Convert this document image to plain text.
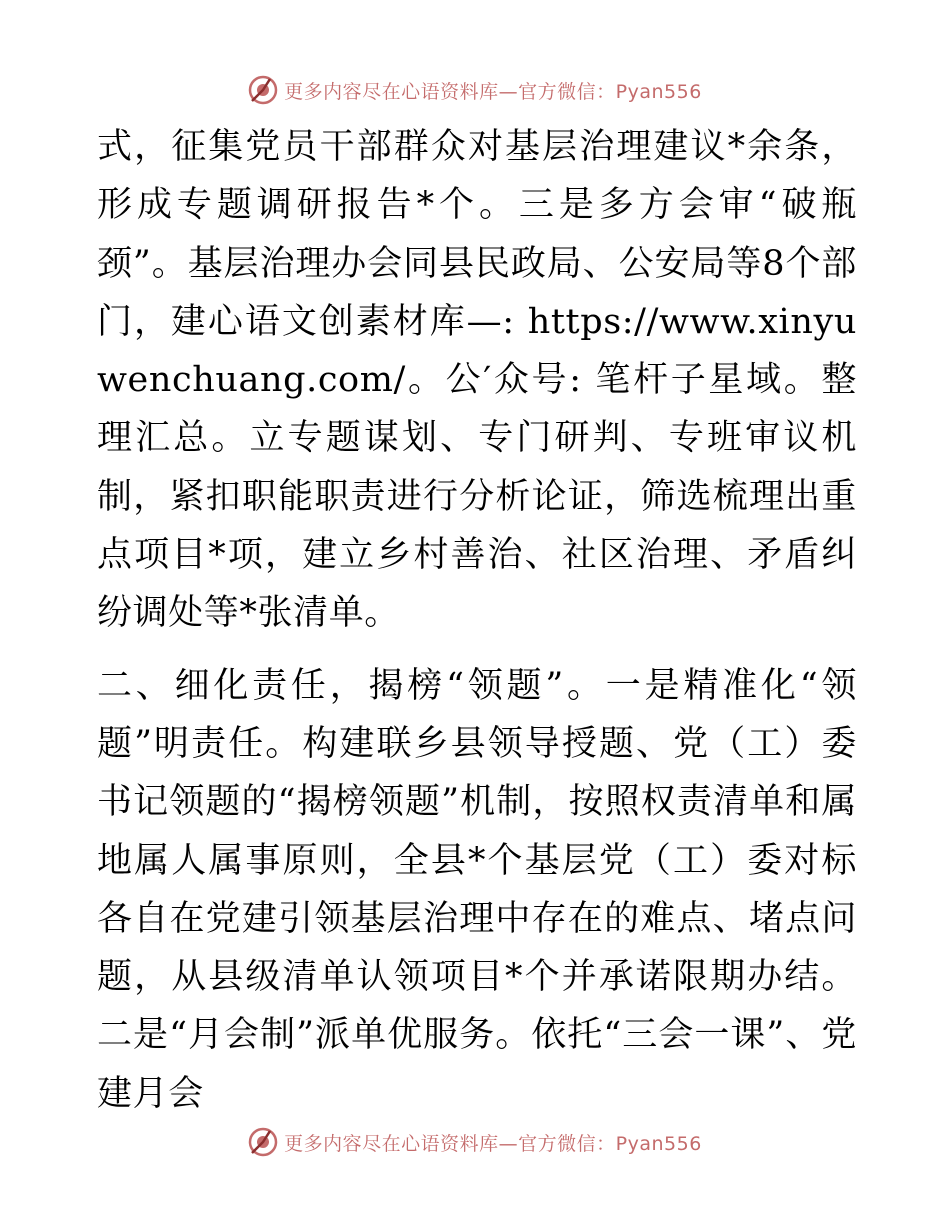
更多内容尽在心语资料库—官方微信：Pyan556

式，征集党员干部群众对基层治理建议*余条，形成专题调研报告*个。三是多方会审“破瓶颈”。基层治理办会同县民政局、公安局等8个部门，建心语文创素材库—: https://www.xinyuwenchuang.com/。公′众号: 笔杆子星域。整理汇总。立专题谋划、专门研判、专班审议机制，紧扣职能职责进行分析论证，筛选梳理出重点项目*项，建立乡村善治、社区治理、矛盾纠纷调处等*张清单。

二、细化责任，揭榜“领题”。一是精准化“领题”明责任。构建联乡县领导授题、党（工）委书记领题的“揭榜领题”机制，按照权责清单和属地属人属事原则，全县*个基层党（工）委对标各自在党建引领基层治理中存在的难点、堵点问题，从县级清单认领项目*个并承诺限期办结。二是“月会制”派单优服务。依托“三会一课”、党建月会

更多内容尽在心语资料库—官方微信：Pyan556
